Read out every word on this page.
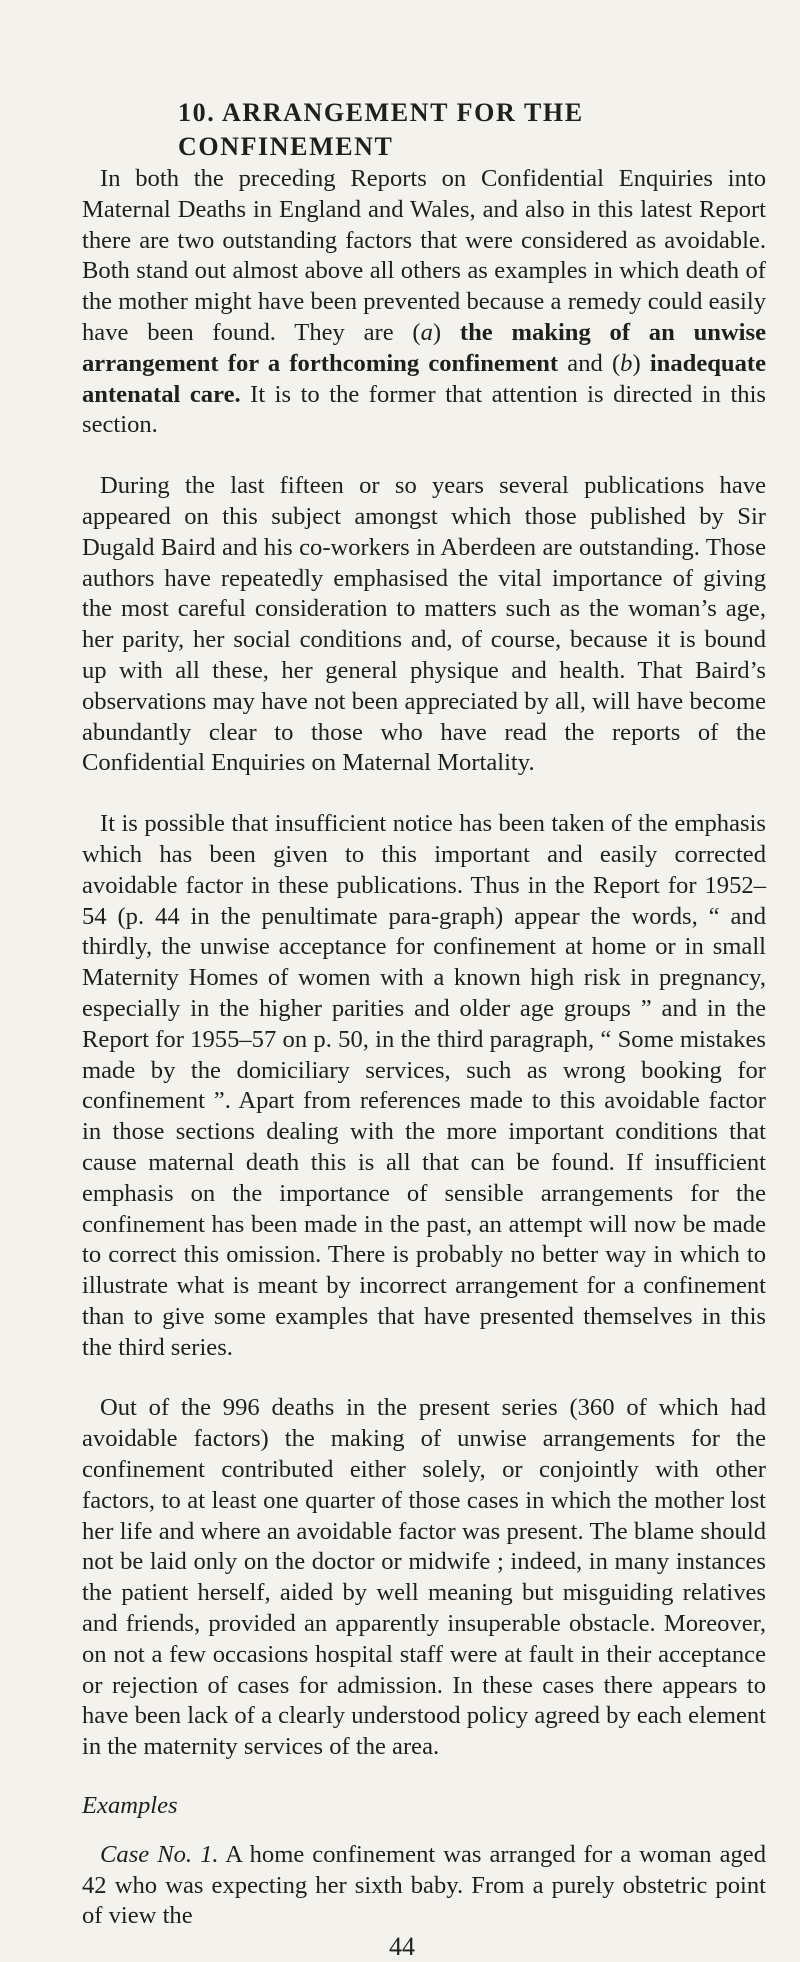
10. ARRANGEMENT FOR THE CONFINEMENT

In both the preceding Reports on Confidential Enquiries into Maternal Deaths in England and Wales, and also in this latest Report there are two outstanding factors that were considered as avoidable. Both stand out almost above all others as examples in which death of the mother might have been prevented because a remedy could easily have been found. They are (a) the making of an unwise arrangement for a forthcoming confinement and (b) inadequate antenatal care. It is to the former that attention is directed in this section.

During the last fifteen or so years several publications have appeared on this subject amongst which those published by Sir Dugald Baird and his co-workers in Aberdeen are outstanding. Those authors have repeatedly emphasised the vital importance of giving the most careful consideration to matters such as the woman’s age, her parity, her social conditions and, of course, because it is bound up with all these, her general physique and health. That Baird’s observations may have not been appreciated by all, will have become abundantly clear to those who have read the reports of the Confidential Enquiries on Maternal Mortality.

It is possible that insufficient notice has been taken of the emphasis which has been given to this important and easily corrected avoidable factor in these publications. Thus in the Report for 1952–54 (p. 44 in the penultimate para-graph) appear the words, “ and thirdly, the unwise acceptance for confinement at home or in small Maternity Homes of women with a known high risk in pregnancy, especially in the higher parities and older age groups ” and in the Report for 1955–57 on p. 50, in the third paragraph, “ Some mistakes made by the domiciliary services, such as wrong booking for confinement ”. Apart from references made to this avoidable factor in those sections dealing with the more important conditions that cause maternal death this is all that can be found. If insufficient emphasis on the importance of sensible arrangements for the confinement has been made in the past, an attempt will now be made to correct this omission. There is probably no better way in which to illustrate what is meant by incorrect arrangement for a confinement than to give some examples that have presented themselves in this the third series.

Out of the 996 deaths in the present series (360 of which had avoidable factors) the making of unwise arrangements for the confinement contributed either solely, or conjointly with other factors, to at least one quarter of those cases in which the mother lost her life and where an avoidable factor was present. The blame should not be laid only on the doctor or midwife ; indeed, in many instances the patient herself, aided by well meaning but misguiding relatives and friends, provided an apparently insuperable obstacle. Moreover, on not a few occasions hospital staff were at fault in their acceptance or rejection of cases for admission. In these cases there appears to have been lack of a clearly understood policy agreed by each element in the maternity services of the area.

Examples

Case No. 1. A home confinement was arranged for a woman aged 42 who was expecting her sixth baby. From a purely obstetric point of view the

44
